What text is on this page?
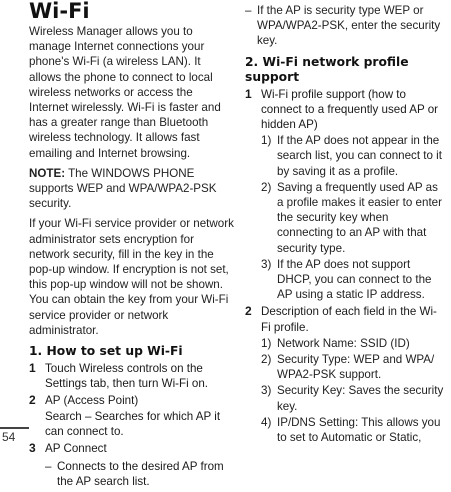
Wi-Fi

Wireless Manager allows you to manage Internet connections your phone's Wi-Fi (a wireless LAN). It allows the phone to connect to local wireless networks or access the Internet wirelessly. Wi-Fi is faster and has a greater range than Bluetooth wireless technology. It allows fast emailing and Internet browsing.

NOTE: The WINDOWS PHONE supports WEP and WPA/WPA2-PSK security.

If your Wi-Fi service provider or network administrator sets encryption for network security, fill in the key in the pop-up window. If encryption is not set, this pop-up window will not be shown. You can obtain the key from your Wi-Fi service provider or network administrator.

1. How to set up Wi-Fi
1 Touch Wireless controls on the Settings tab, then turn Wi-Fi on.
2 AP (Access Point)
Search – Searches for which AP it can connect to.
3 AP Connect
– Connects to the desired AP from the AP search list.
– If the AP is security type WEP or WPA/WPA2-PSK, enter the security key.

2. Wi-Fi network profile support
1 Wi-Fi profile support (how to connect to a frequently used AP or hidden AP)
1) If the AP does not appear in the search list, you can connect to it by saving it as a profile.

2) Saving a frequently used AP as a profile makes it easier to enter the security key when connecting to an AP with that security type.

3) If the AP does not support DHCP, you can connect to the AP using a static IP address.

2 Description of each field in the Wi-Fi profile.
1) Network Name: SSID (ID)

2) Security Type: WEP and WPA/ WPA2-PSK support.

3) Security Key: Saves the security key.

4) IP/DNS Setting: This allows you to set to Automatic or Static,

54
